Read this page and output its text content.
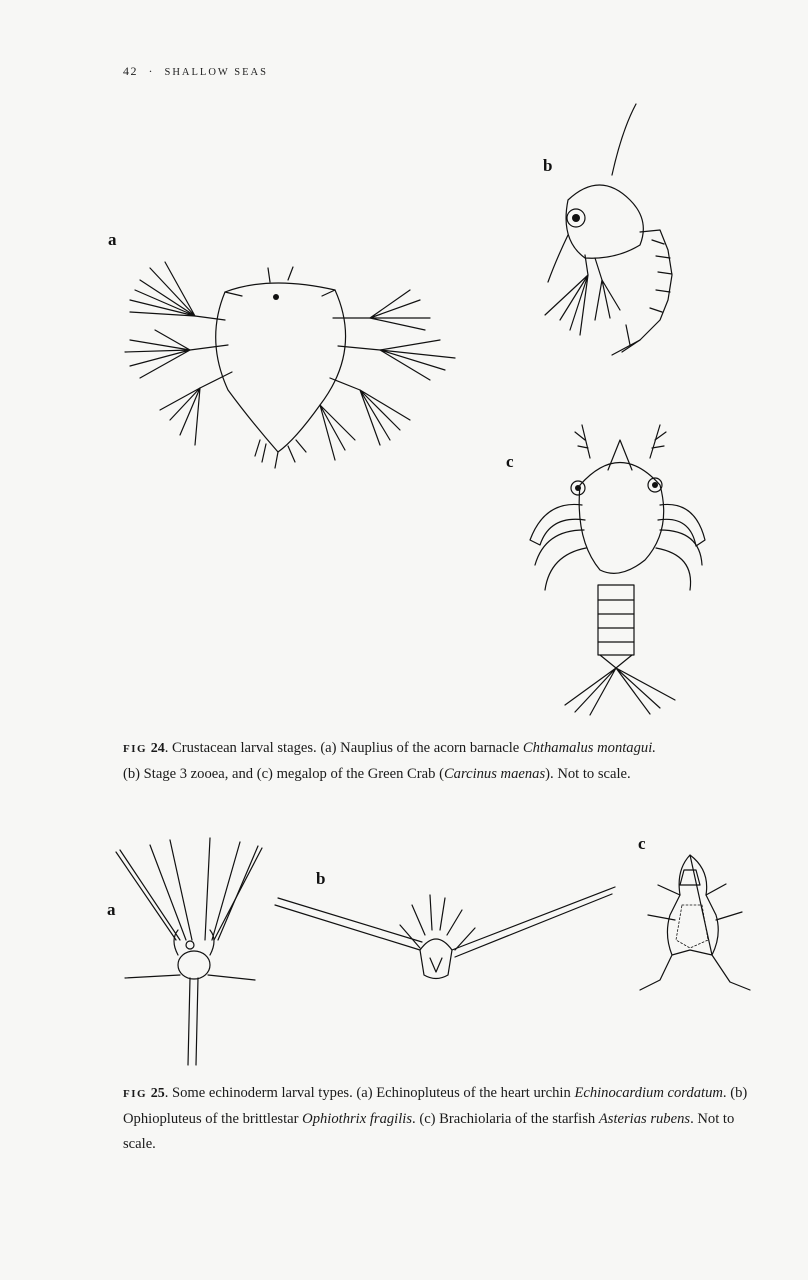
42 · SHALLOW SEAS
a
b
c
FIG 24. Crustacean larval stages. (a) Nauplius of the acorn barnacle Chthamalus montagui.
(b) Stage 3 zooea, and (c) megalop of the Green Crab (Carcinus maenas). Not to scale.
a
b
c
FIG 25. Some echinoderm larval types. (a) Echinopluteus of the heart urchin Echinocardium cordatum. (b) Ophiopluteus of the brittlestar Ophiothrix fragilis. (c) Brachiolaria of the starfish Asterias rubens. Not to scale.
